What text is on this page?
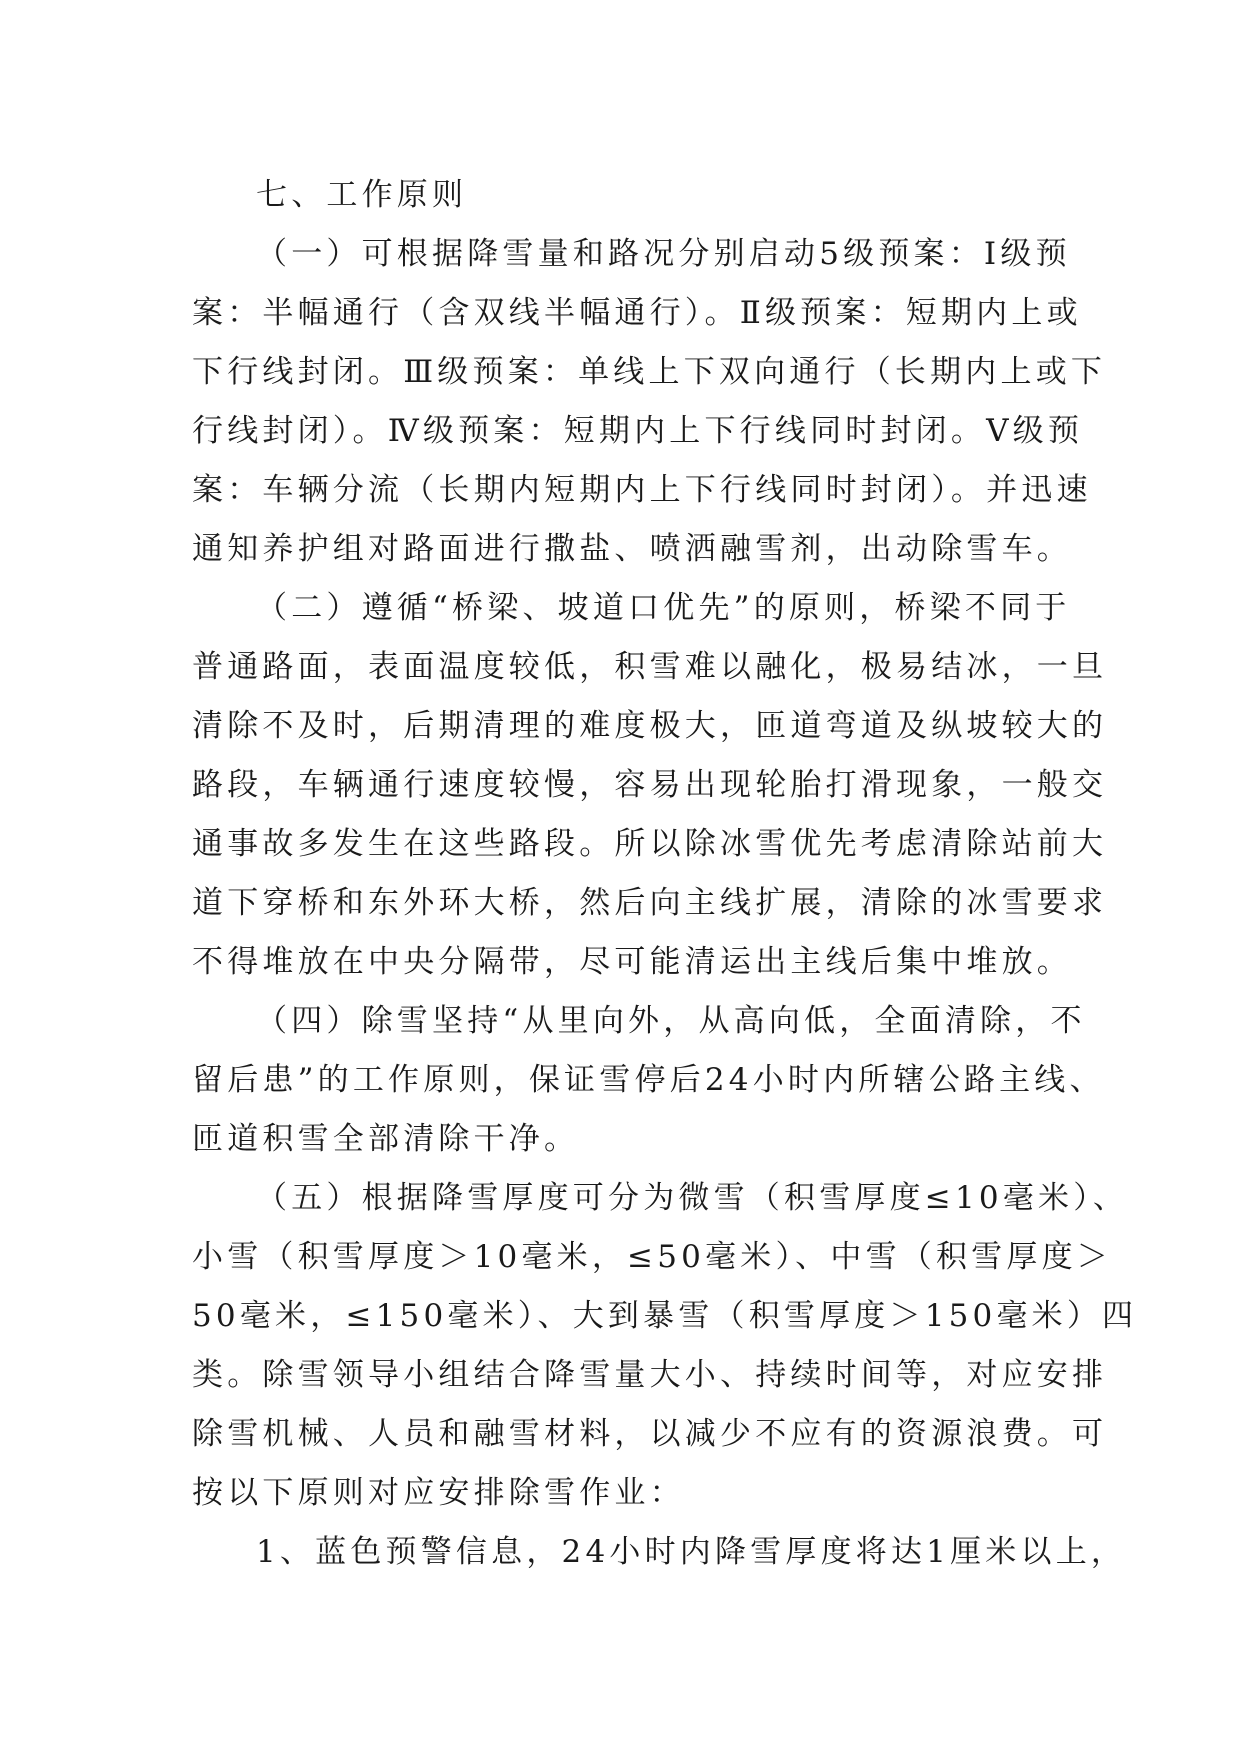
七、工作原则
（一）可根据降雪量和路况分别启动5级预案：Ⅰ级预
案：半幅通行（含双线半幅通行）。Ⅱ级预案：短期内上或
下行线封闭。Ⅲ级预案：单线上下双向通行（长期内上或下
行线封闭）。Ⅳ级预案：短期内上下行线同时封闭。Ⅴ级预
案：车辆分流（长期内短期内上下行线同时封闭）。并迅速
通知养护组对路面进行撒盐、喷洒融雪剂，出动除雪车。
（二）遵循“桥梁、坡道口优先”的原则，桥梁不同于
普通路面，表面温度较低，积雪难以融化，极易结冰，一旦
清除不及时，后期清理的难度极大，匝道弯道及纵坡较大的
路段，车辆通行速度较慢，容易出现轮胎打滑现象，一般交
通事故多发生在这些路段。所以除冰雪优先考虑清除站前大
道下穿桥和东外环大桥，然后向主线扩展，清除的冰雪要求
不得堆放在中央分隔带，尽可能清运出主线后集中堆放。
（四）除雪坚持“从里向外，从高向低，全面清除，不
留后患”的工作原则，保证雪停后24小时内所辖公路主线、
匝道积雪全部清除干净。
（五）根据降雪厚度可分为微雪（积雪厚度≤10毫米）、
小雪（积雪厚度＞10毫米，≤50毫米）、中雪（积雪厚度＞
50毫米，≤150毫米）、大到暴雪（积雪厚度＞150毫米）四
类。除雪领导小组结合降雪量大小、持续时间等，对应安排
除雪机械、人员和融雪材料，以减少不应有的资源浪费。可
按以下原则对应安排除雪作业：
1、蓝色预警信息，24小时内降雪厚度将达1厘米以上，
